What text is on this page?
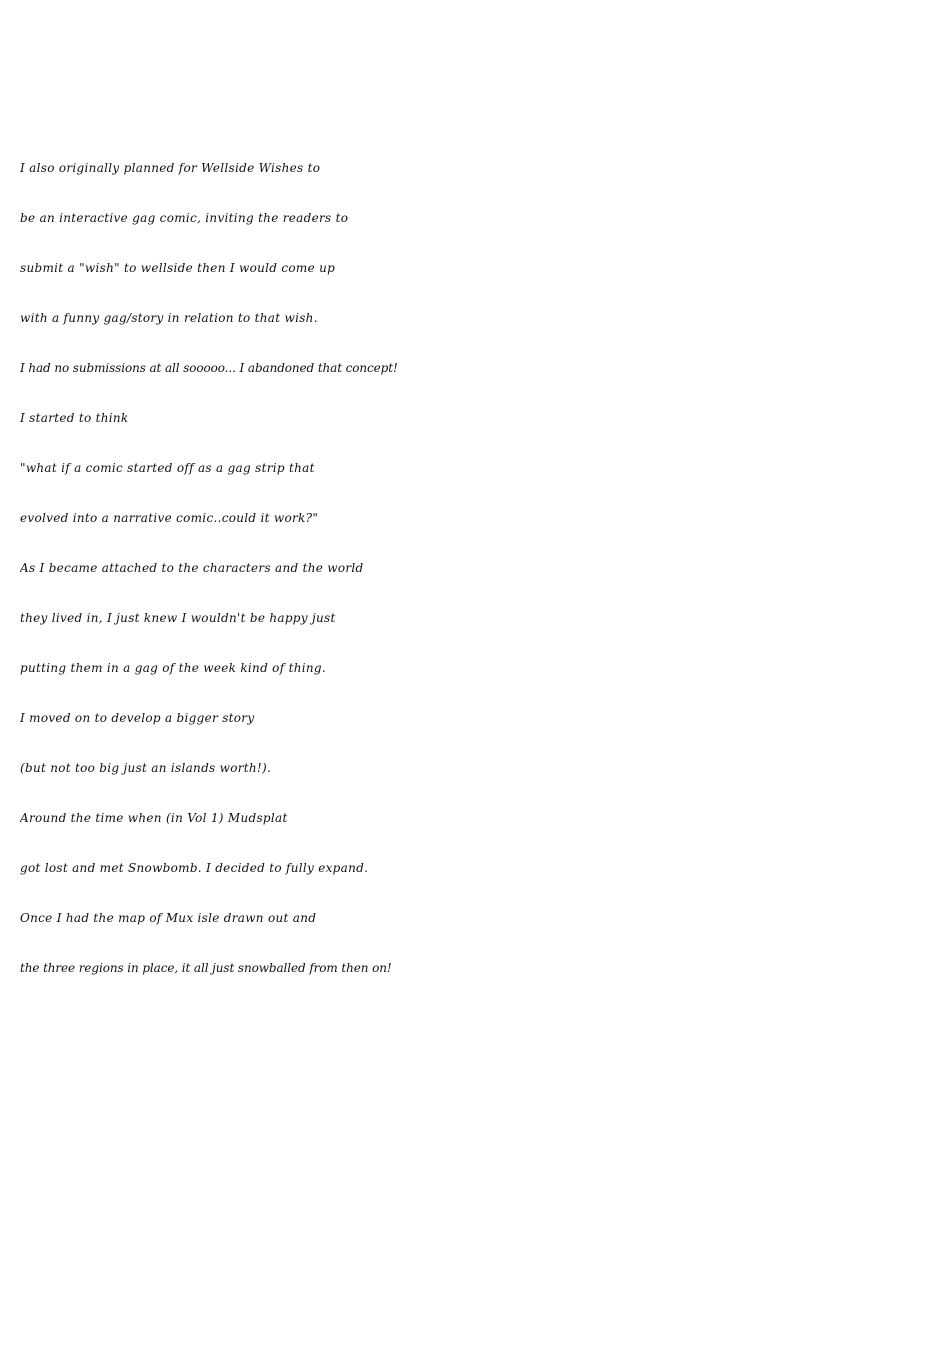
I also originally planned for Wellside Wishes to
be an interactive gag comic, inviting the readers to
submit a "wish" to wellside then I would come up
with a funny gag/story in relation to that wish.
I had no submissions at all sooooo... I abandoned that concept!
I started to think
"what if a comic started off as a gag strip that
evolved into a narrative comic..could it work?"
As I became attached to the characters and the world
they lived in, I just knew I wouldn't be happy just
putting them in a gag of the week kind of thing.
I moved on to develop a bigger story
(but not too big just an islands worth!).
Around the time when (in Vol 1) Mudsplat
got lost and met Snowbomb. I decided to fully expand.
Once I had the map of Mux isle drawn out and
the three regions in place, it all just snowballed from then on!
